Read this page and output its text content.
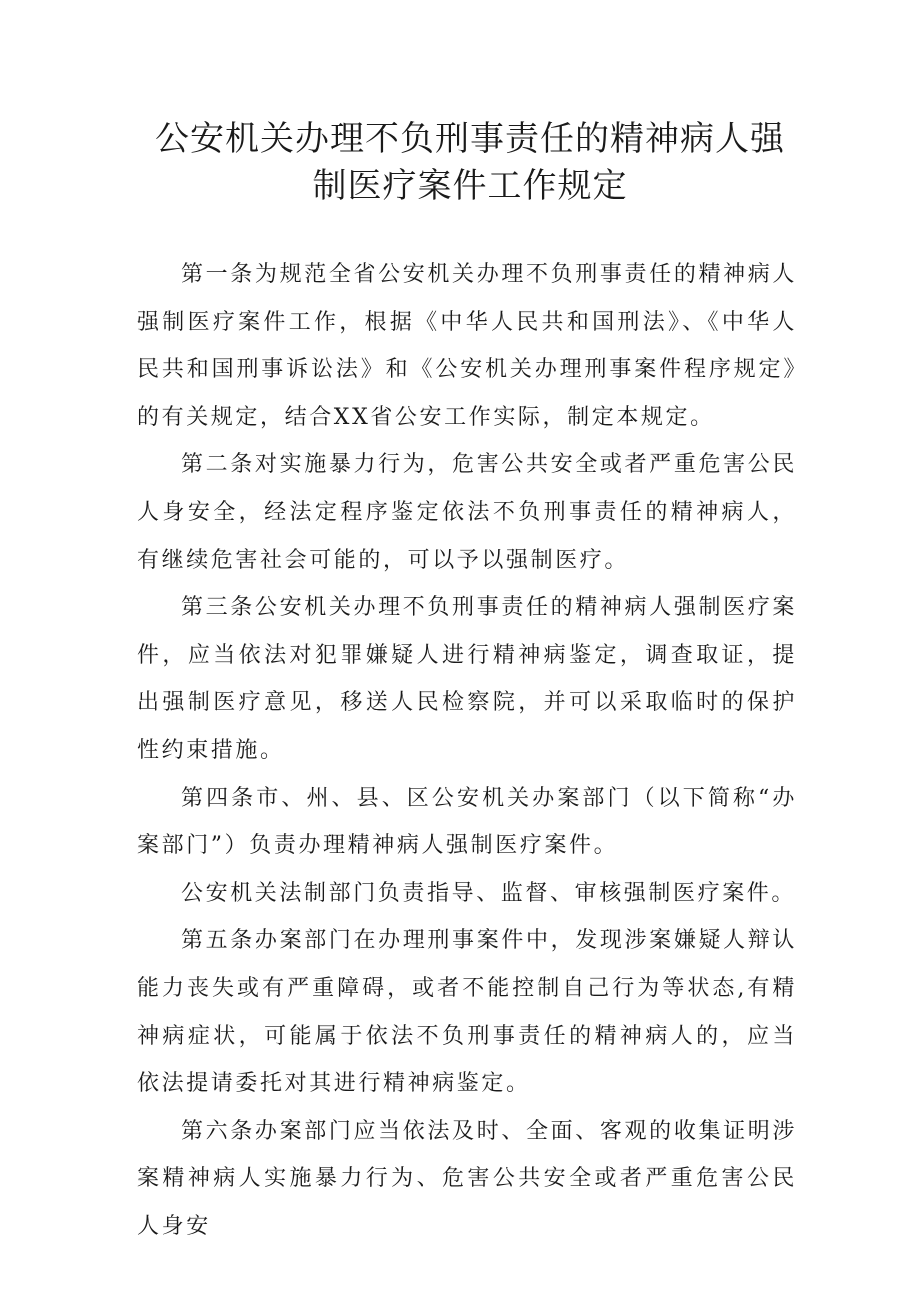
公安机关办理不负刑事责任的精神病人强
制医疗案件工作规定

第一条为规范全省公安机关办理不负刑事责任的精神病人强制医疗案件工作，根据《中华人民共和国刑法》、《中华人民共和国刑事诉讼法》和《公安机关办理刑事案件程序规定》的有关规定，结合XX省公安工作实际，制定本规定。

第二条对实施暴力行为，危害公共安全或者严重危害公民人身安全，经法定程序鉴定依法不负刑事责任的精神病人，有继续危害社会可能的，可以予以强制医疗。

第三条公安机关办理不负刑事责任的精神病人强制医疗案件，应当依法对犯罪嫌疑人进行精神病鉴定，调查取证，提出强制医疗意见，移送人民检察院，并可以采取临时的保护性约束措施。

第四条市、州、县、区公安机关办案部门（以下简称“办案部门”）负责办理精神病人强制医疗案件。

公安机关法制部门负责指导、监督、审核强制医疗案件。

第五条办案部门在办理刑事案件中，发现涉案嫌疑人辩认能力丧失或有严重障碍，或者不能控制自己行为等状态,有精神病症状，可能属于依法不负刑事责任的精神病人的，应当依法提请委托对其进行精神病鉴定。

第六条办案部门应当依法及时、全面、客观的收集证明涉案精神病人实施暴力行为、危害公共安全或者严重危害公民人身安
